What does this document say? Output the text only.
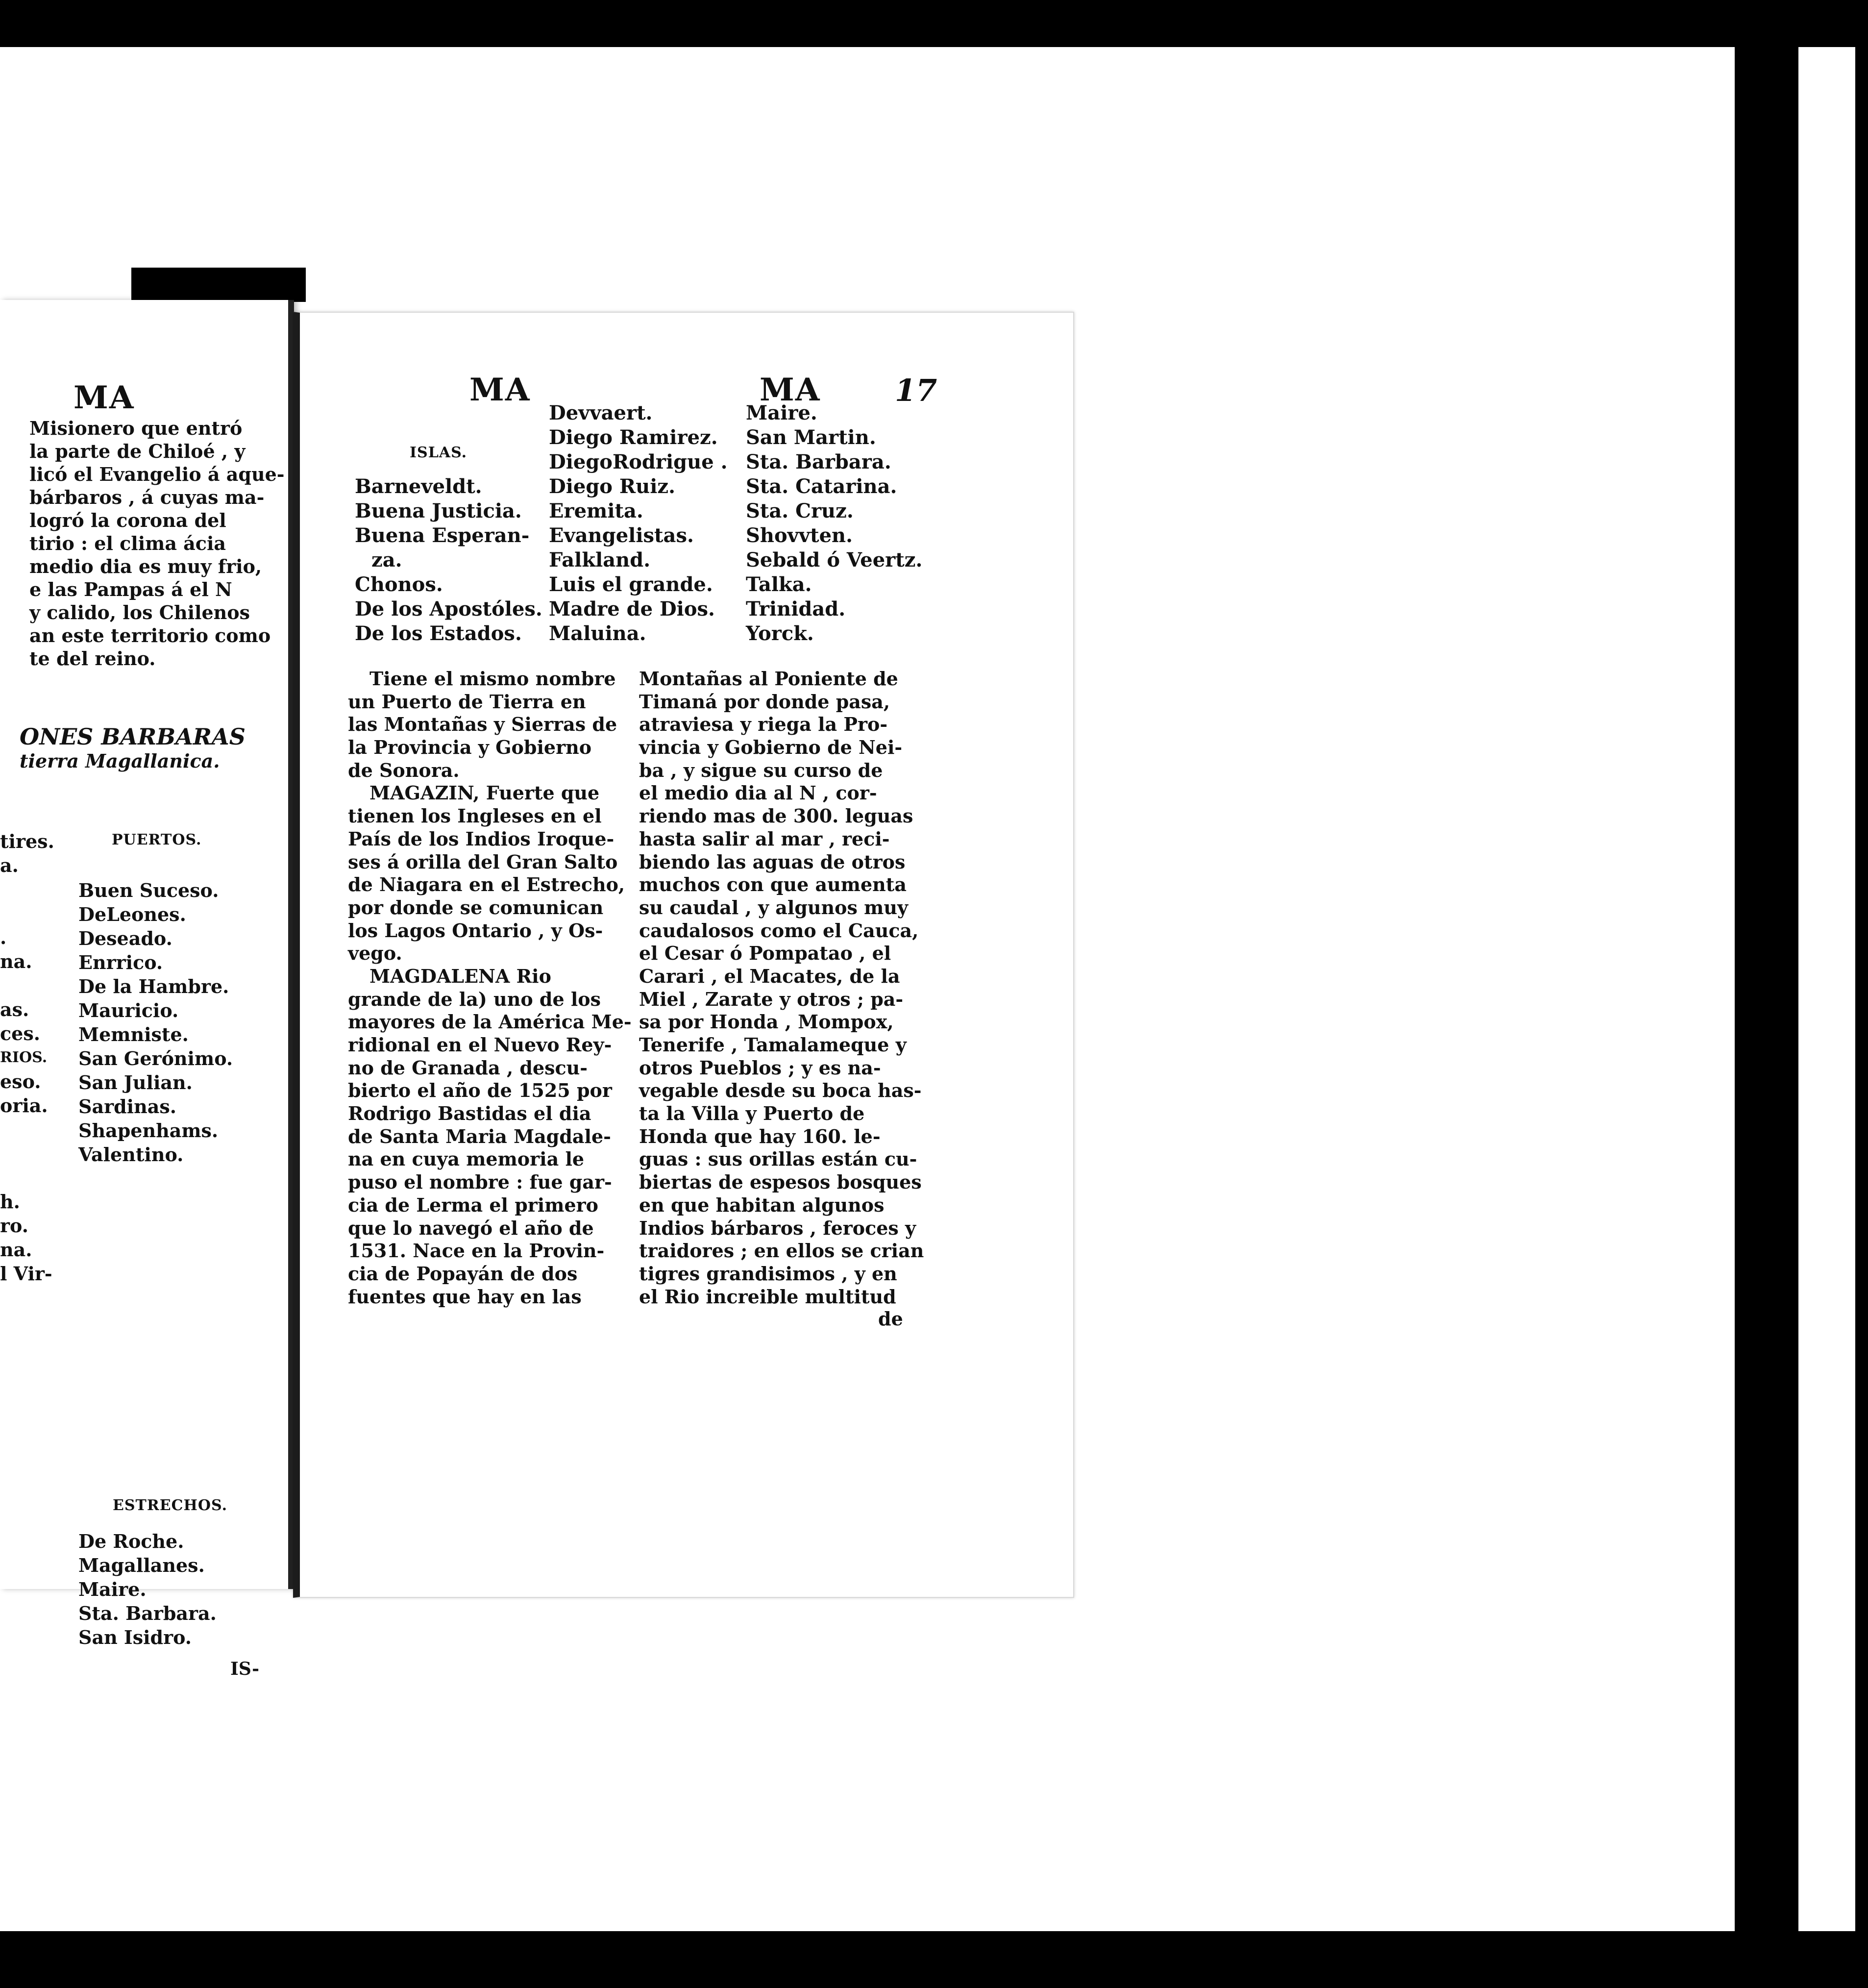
MA
Misionero que entró
la parte de Chiloé , y
licó el Evangelio á aque-
bárbaros , á cuyas ma-
logró la corona del
tirio : el clima ácia
medio dia es muy frio,
e las Pampas á el N
y calido, los Chilenos
an este territorio como
te del reino.
ONES BARBARAS
tierra Magallanica.
tires.
a.
.
na.
as.
ces.
RIOS.
eso.
oria.
h.
ro.
na.
l Vir-
PUERTOS.
Buen Suceso.
DeLeones.
Deseado.
Enrrico.
De la Hambre.
Mauricio.
Memniste.
San Gerónimo.
San Julian.
Sardinas.
Shapenhams.
Valentino.
ESTRECHOS.
De Roche.
Magallanes.
Maire.
Sta. Barbara.
San Isidro.
IS-
MA	MA 17
ISLAS.
Barneveldt.
Buena Justicia.
Buena Esperan-
za.
Chonos.
De los Apostóles.
De los Estados.
Devvaert.
Diego Ramirez.
DiegoRodrigue .
Diego Ruiz.
Eremita.
Evangelistas.
Falkland.
Luis el grande.
Madre de Dios.
Maluina.
Maire.
San Martin.
Sta. Barbara.
Sta. Catarina.
Sta. Cruz.
Shovvten.
Sebald ó Veertz.
Talka.
Trinidad.
Yorck.
Tiene el mismo nombre
un Puerto de Tierra en
las Montañas y Sierras de
la Provincia y Gobierno
de Sonora.
MAGAZIN, Fuerte que
tienen los Ingleses en el
País de los Indios Iroque-
ses á orilla del Gran Salto
de Niagara en el Estrecho,
por donde se comunican
los Lagos Ontario , y Os-
vego.
MAGDALENA Rio
grande de la) uno de los
mayores de la América Me-
ridional en el Nuevo Rey-
no de Granada , descu-
bierto el año de 1525 por
Rodrigo Bastidas el dia
de Santa Maria Magdale-
na en cuya memoria le
puso el nombre : fue gar-
cia de Lerma el primero
que lo navegó el año de
1531. Nace en la Provin-
cia de Popayán de dos
fuentes que hay en las
Montañas al Poniente de
Timaná por donde pasa,
atraviesa y riega la Pro-
vincia y Gobierno de Nei-
ba , y sigue su curso de
el medio dia al N , cor-
riendo mas de 300. leguas
hasta salir al mar , reci-
biendo las aguas de otros
muchos con que aumenta
su caudal , y algunos muy
caudalosos como el Cauca,
el Cesar ó Pompatao , el
Carari , el Macates, de la
Miel , Zarate y otros ; pa-
sa por Honda , Mompox,
Tenerife , Tamalameque y
otros Pueblos ; y es na-
vegable desde su boca has-
ta la Villa y Puerto de
Honda que hay 160. le-
guas : sus orillas están cu-
biertas de espesos bosques
en que habitan algunos
Indios bárbaros , feroces y
traidores ; en ellos se crian
tigres grandisimos , y en
el Rio increible multitud
de
